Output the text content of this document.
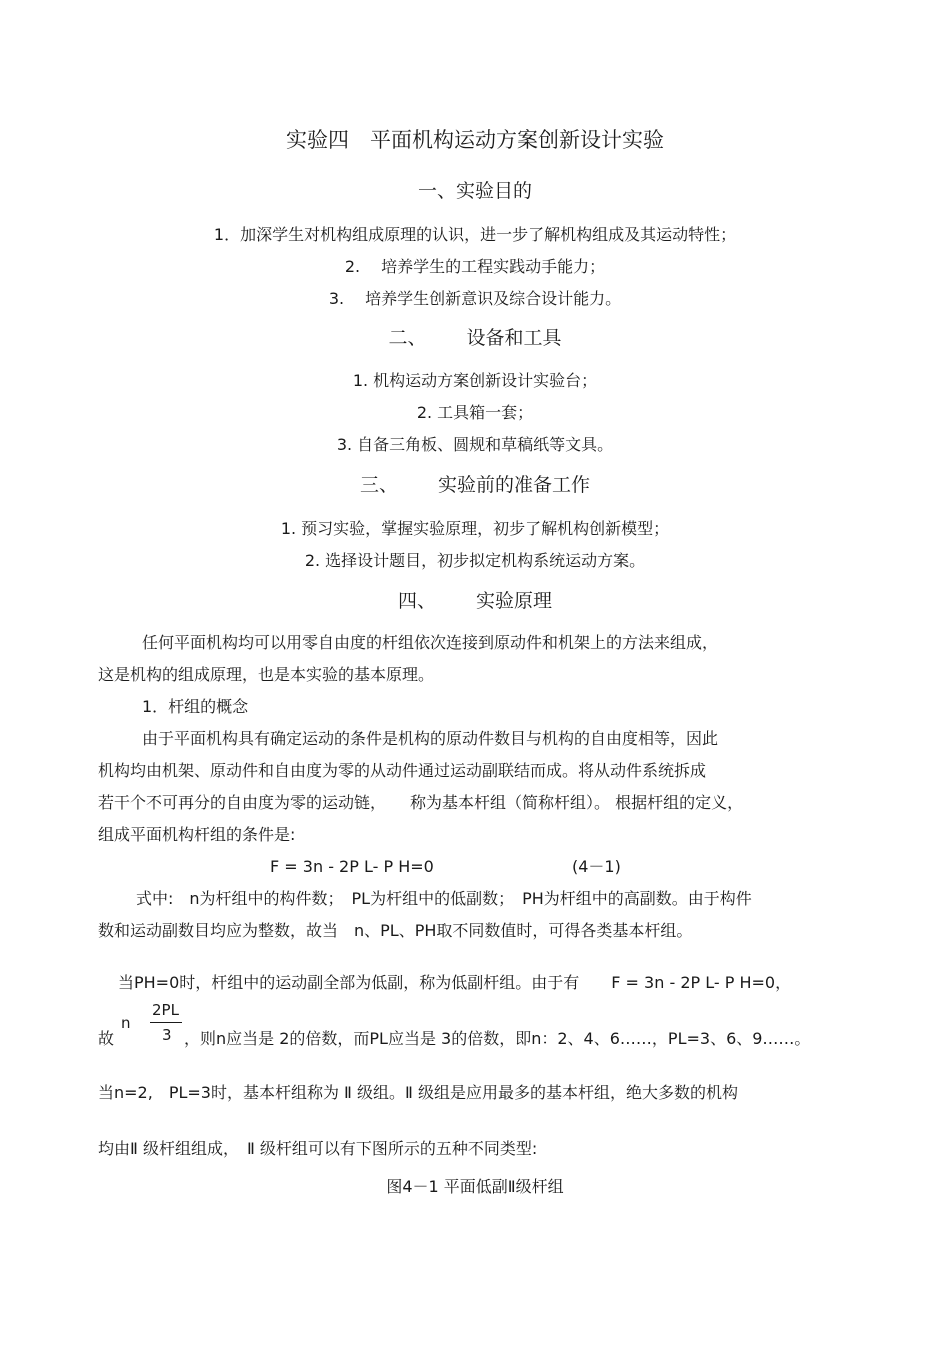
实验四　平面机构运动方案创新设计实验
一、实验目的
1．加深学生对机构组成原理的认识，进一步了解机构组成及其运动特性；
2.　 培养学生的工程实践动手能力；
3.　 培养学生创新意识及综合设计能力。
二、 设备和工具
1. 机构运动方案创新设计实验台；
2. 工具箱一套；
3. 自备三角板、圆规和草稿纸等文具。
三、 实验前的准备工作
1. 预习实验，掌握实验原理，初步了解机构创新模型；
2. 选择设计题目，初步拟定机构系统运动方案。
四、 实验原理
任何平面机构均可以用零自由度的杆组依次连接到原动件和机架上的方法来组成，
这是机构的组成原理，也是本实验的基本原理。
1．杆组的概念
由于平面机构具有确定运动的条件是机构的原动件数目与机构的自由度相等，因此
机构均由机架、原动件和自由度为零的从动件通过运动副联结而成。将从动件系统拆成
若干个不可再分的自由度为零的运动链，　　称为基本杆组（简称杆组）。 根据杆组的定义，
组成平面机构杆组的条件是:
F = 3n - 2P L- P H=0	(4－1)
式中:　n为杆组中的构件数；　PL为杆组中的低副数；　PH为杆组中的高副数。由于构件
数和运动副数目均应为整数，故当　n、PL、PH取不同数值时，可得各类基本杆组。
当PH=0时，杆组中的运动副全部为低副，称为低副杆组。由于有　　F = 3n - 2P L- P H=0，
故
n
2PL
3 ，则n应当是 2的倍数，而PL应当是 3的倍数，即n：2、4、6……，PL=3、6、9……。
当n=2,　PL=3时，基本杆组称为 Ⅱ 级组。Ⅱ 级组是应用最多的基本杆组，绝大多数的机构
均由Ⅱ 级杆组组成，　Ⅱ 级杆组可以有下图所示的五种不同类型:
图4－1 平面低副Ⅱ级杆组
